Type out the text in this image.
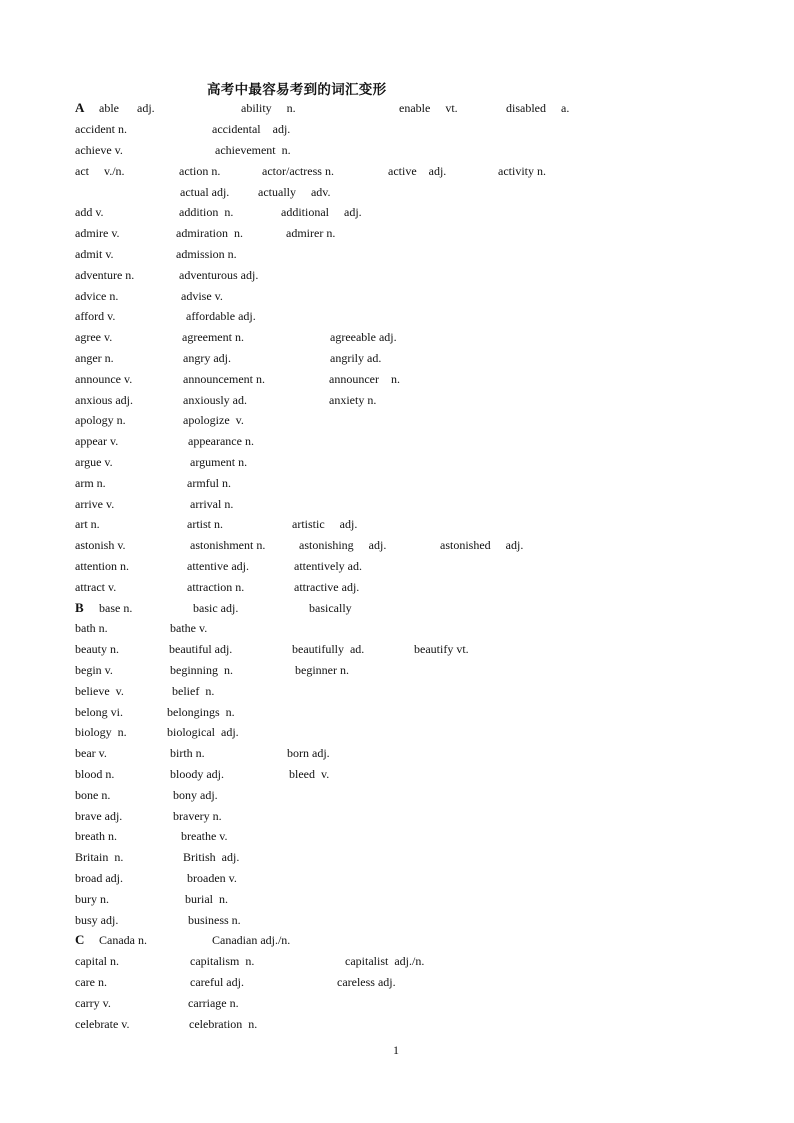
高考中最容易考到的词汇变形
A able      adj.	ability     n.	enable     vt.	disabled     a.
accident n.	accidental    adj.
achieve v.	achievement  n.
act     v./n.	action n.	actor/actress n.	active    adj.	activity n.
actual adj. actually     adv.
add v.	addition  n.	additional     adj.
admire v.	admiration  n.	admirer n.
admit v.	admission n.
adventure n.	adventurous adj.
advice n.	advise v.
afford v.	affordable adj.
agree v.	agreement n.	agreeable adj.
anger n.	angry adj.	angrily ad.
announce v.	announcement n.	announcer    n.
anxious adj.	anxiously ad.	anxiety n.
apology n.	apologize  v.
appear v.	appearance n.
argue v.	argument n.
arm n.	armful n.
arrive v.	arrival n.
art n.	artist n.	artistic     adj.
astonish v.	astonishment n.	astonishing     adj.	astonished     adj.
attention n.	attentive adj.	attentively ad.
attract v.	attraction n.	attractive adj.
B base n.	basic adj.	basically
bath n.	bathe v.
beauty n.	beautiful adj.	beautifully  ad.	beautify vt.
begin v.	beginning  n.	beginner n.
believe  v.	belief  n.
belong vi.	belongings  n.
biology  n.	biological  adj.
bear v.	birth n.	born adj.
blood n.	bloody adj.	bleed  v.
bone n.	bony adj.
brave adj.	bravery n.
breath n.	breathe v.
Britain  n.	British  adj.
broad adj.	broaden v.
bury n.	burial  n.
busy adj.	business n.
C Canada n.	Canadian adj./n.
capital n.	capitalism  n.	capitalist  adj./n.
care n.	careful adj.	careless adj.
carry v.	carriage n.
celebrate v.	celebration  n.
1
